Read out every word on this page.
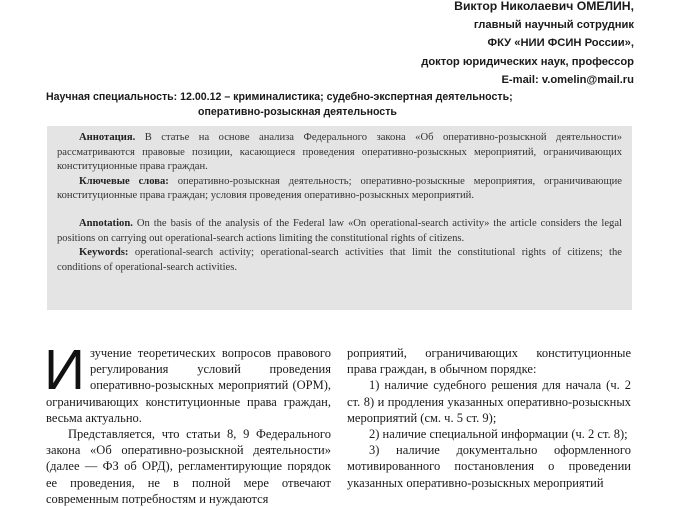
Виктор Николаевич ОМЕЛИН,
главный научный сотрудник
ФКУ «НИИ ФСИН России»,
доктор юридических наук, профессор
E-mail: v.omelin@mail.ru
Научная специальность: 12.00.12 – криминалистика; судебно-экспертная деятельность;
оперативно-розыскная деятельность

Аннотация. В статье на основе анализа Федерального закона «Об оперативно-розыскной деятельности» рассматриваются правовые позиции, касающиеся проведения оперативно-розыскных мероприятий, ограничивающих конституционные права граждан.

Ключевые слова: оперативно-розыскная деятельность; оперативно-розыскные мероприятия, ограничивающие конституционные права граждан; условия проведения оперативно-розыскных мероприятий.

Annotation. On the basis of the analysis of the Federal law «On operational-search activity» the article considers the legal positions on carrying out operational-search actions limiting the constitutional rights of citizens.

Keywords: operational-search activity; operational-search activities that limit the constitutional rights of citizens; the conditions of operational-search activities.

И зучение теоретических вопросов правового регулирования условий проведения оперативно-розыскных мероприятий (ОРМ), ограничивающих конституционные права граждан, весьма актуально.

Представляется, что статьи 8, 9 Федерального закона «Об оперативно-розыскной деятельности» (далее — ФЗ об ОРД), регламентирующие порядок ее проведения, не в полной мере отвечают современным потребностям и нуждаются

роприятий, ограничивающих конституционные права граждан, в обычном порядке:

1) наличие судебного решения для начала (ч. 2 ст. 8) и продления указанных оперативно-розыскных мероприятий (см. ч. 5 ст. 9);

2) наличие специальной информации (ч. 2 ст. 8);

3) наличие документально оформленного мотивированного постановления о проведении указанных оперативно-розыскных мероприятий
